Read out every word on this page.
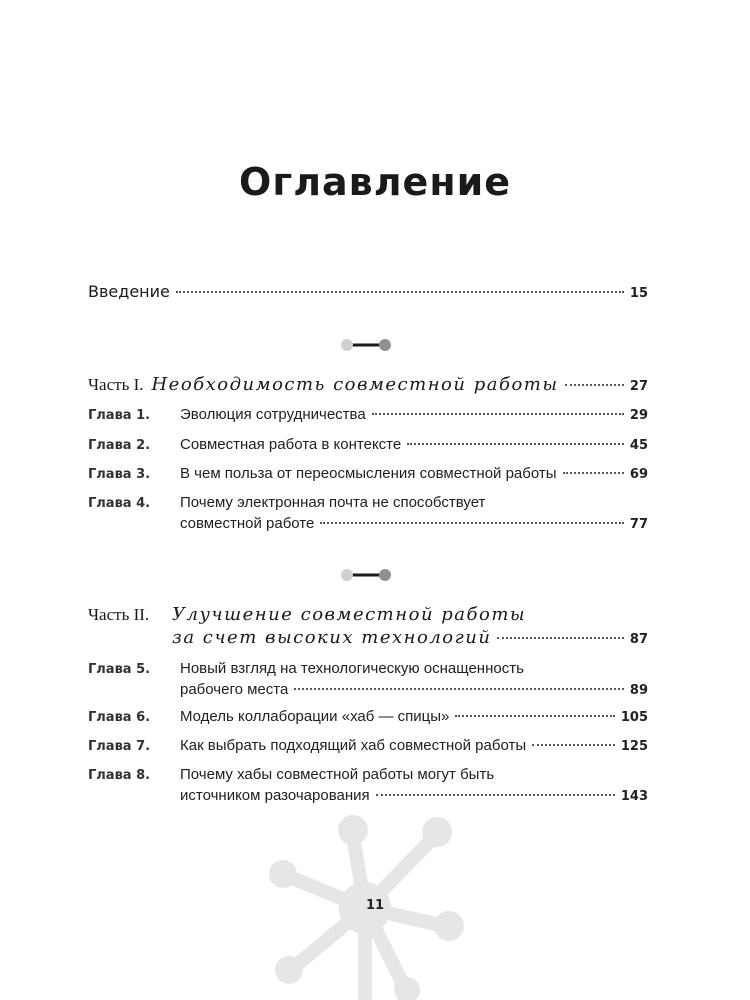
Оглавление
Введение	15
Часть I. Необходимость совместной работы	27
Глава 1.	Эволюция сотрудничества	29
Глава 2.	Совместная работа в контексте	45
Глава 3.	В чем польза от переосмысления совместной работы	69
Глава 4.	Почему электронная почта не способствует
совместной работе	77
Часть II.	Улучшение совместной работы
за счет высоких технологий	87
Глава 5.	Новый взгляд на технологическую оснащенность
рабочего места	89
Глава 6.	Модель коллаборации «хаб — спицы»	105
Глава 7.	Как выбрать подходящий хаб совместной работы	125
Глава 8.	Почему хабы совместной работы могут быть
источником разочарования	143
11
